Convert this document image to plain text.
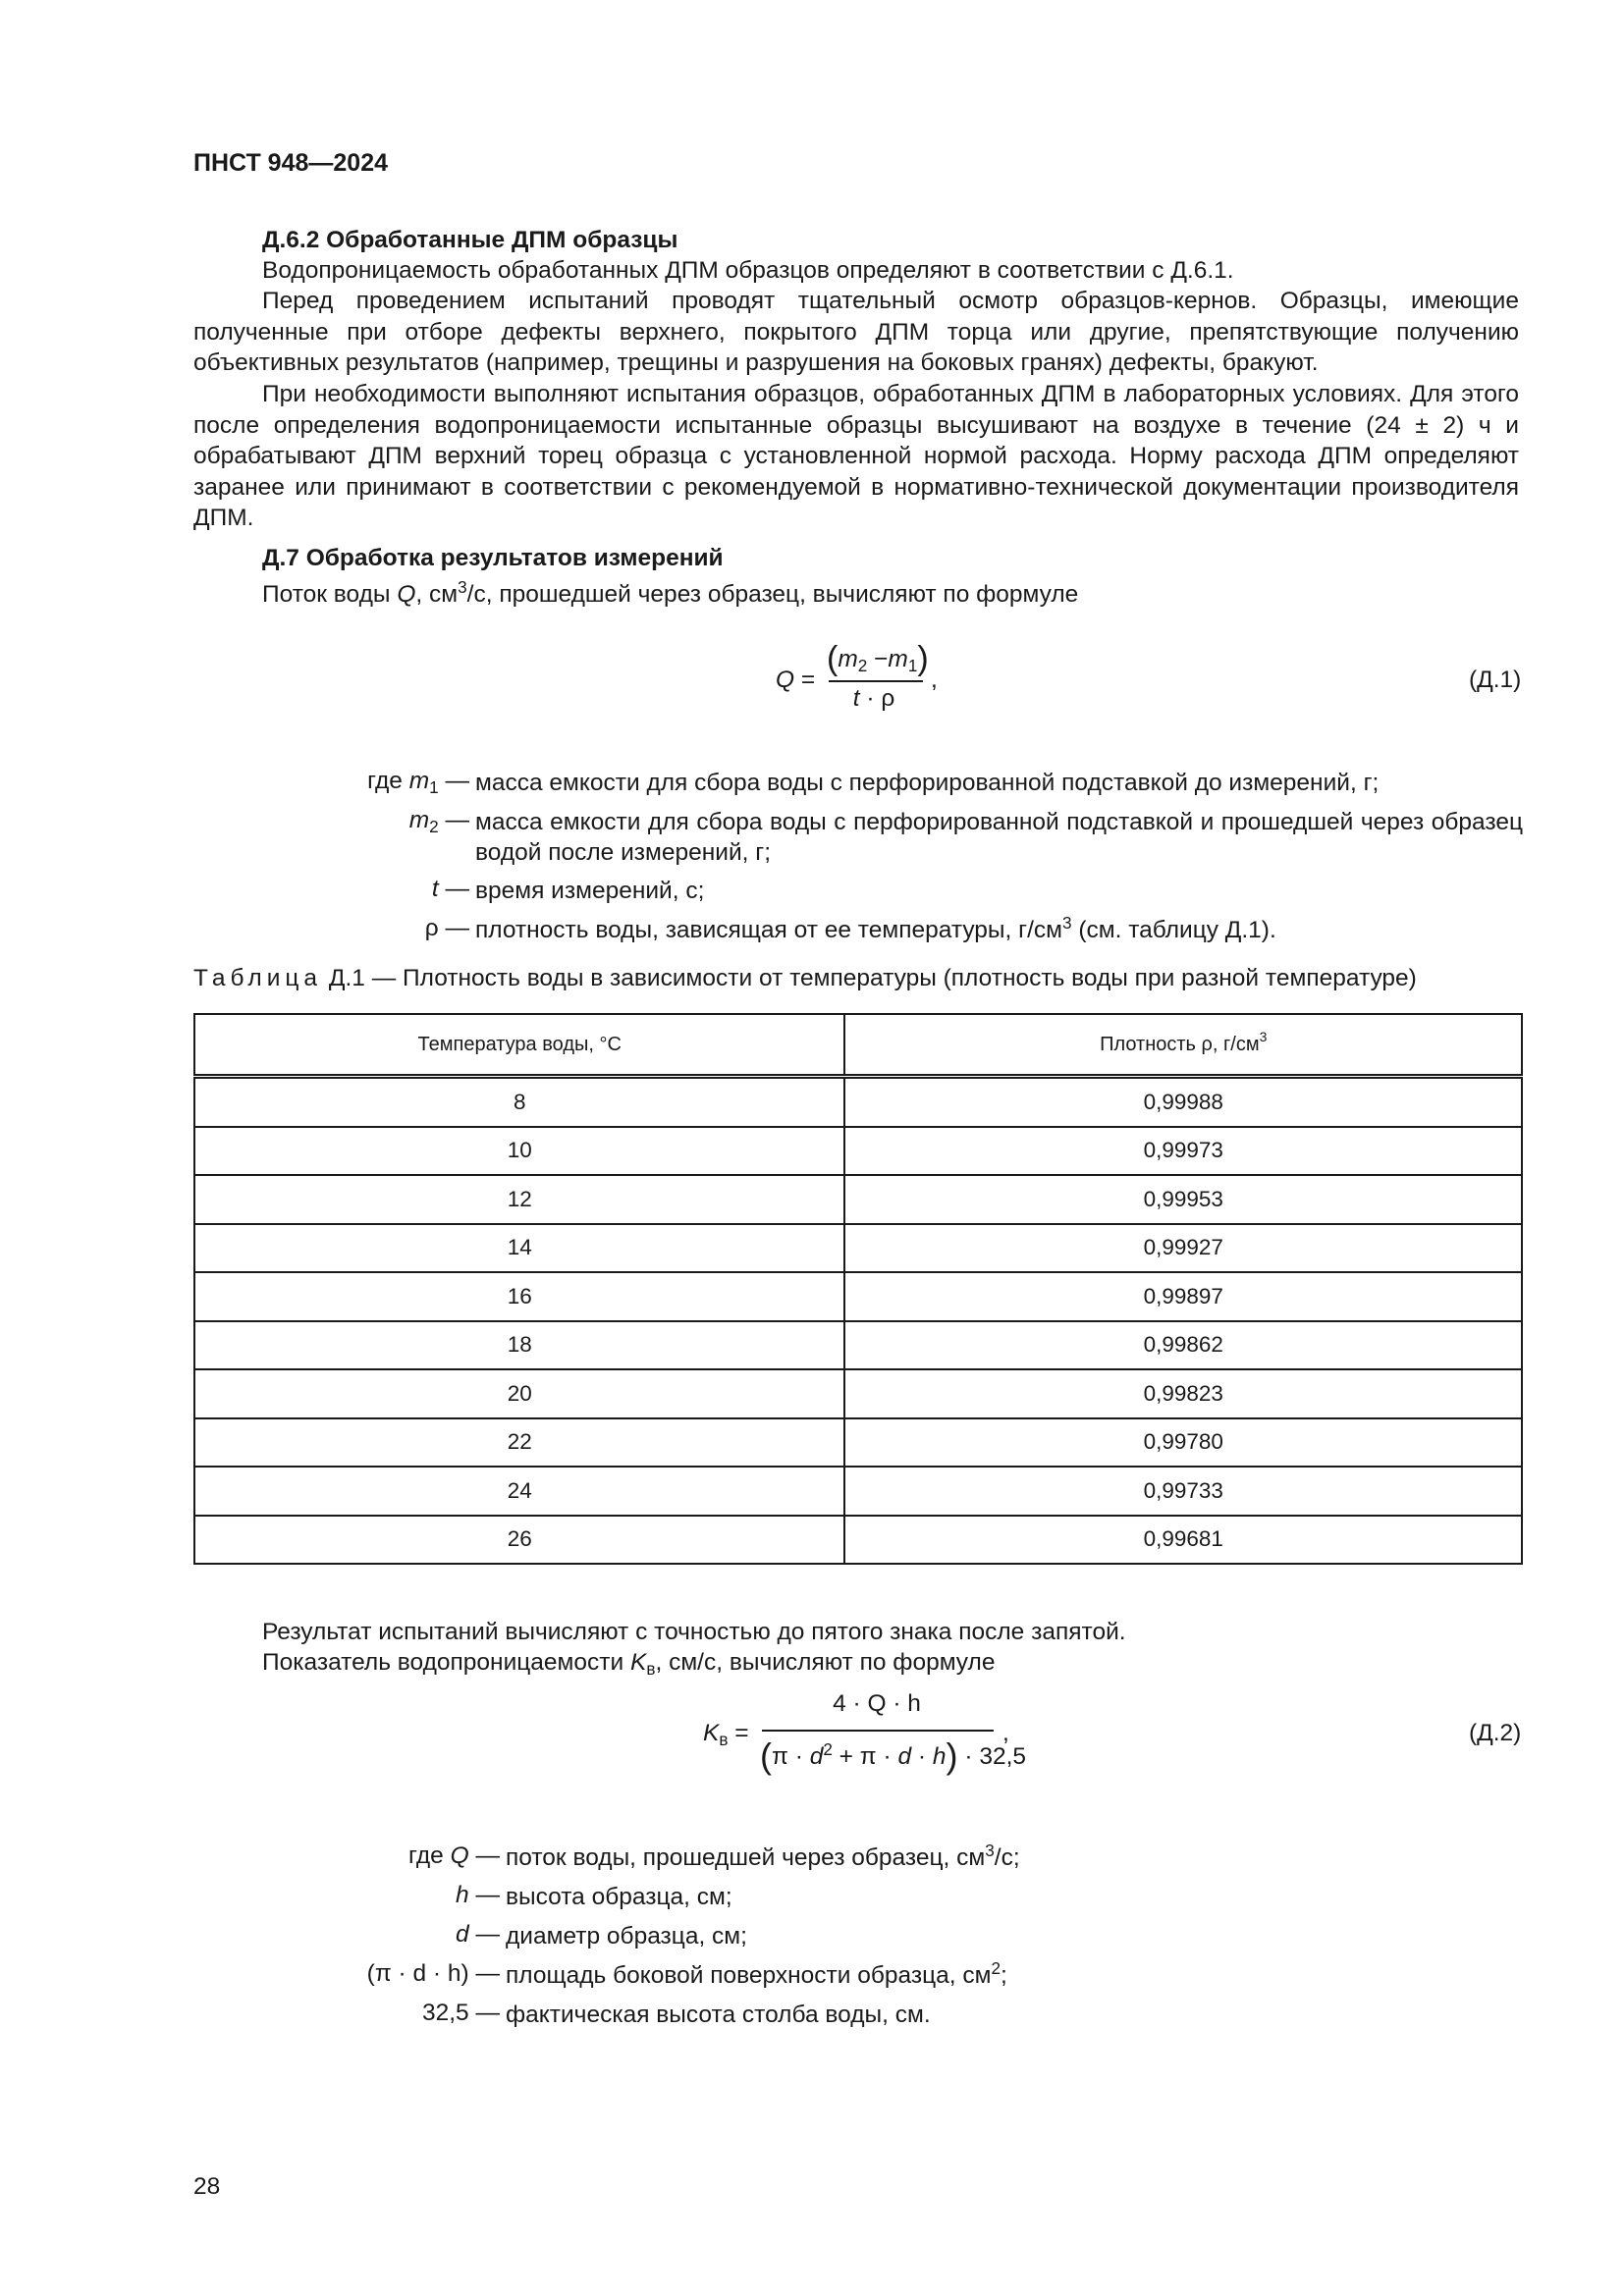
ПНСТ 948—2024
Д.6.2 Обработанные ДПМ образцы
Водопроницаемость обработанных ДПМ образцов определяют в соответствии с Д.6.1.
Перед проведением испытаний проводят тщательный осмотр образцов-кернов. Образцы, имеющие полученные при отборе дефекты верхнего, покрытого ДПМ торца или другие, препятствующие получению объективных результатов (например, трещины и разрушения на боковых гранях) дефекты, бракуют.
При необходимости выполняют испытания образцов, обработанных ДПМ в лабораторных условиях. Для этого после определения водопроницаемости испытанные образцы высушивают на воздухе в течение (24 ± 2) ч и обрабатывают ДПМ верхний торец образца с установленной нормой расхода. Норму расхода ДПМ определяют заранее или принимают в соответствии с рекомендуемой в нормативно-технической документации производителя ДПМ.
Д.7 Обработка результатов измерений
Поток воды Q, $см^3/с$, прошедшей через образец, вычисляют по формуле
Q =
$(m_2 -m_1)$
t · ρ
,	(Д.1)
где $m_1$ — масса емкости для сбора воды с перфорированной подставкой до измерений, г;
$m_2$ — масса емкости для сбора воды с перфорированной подставкой и прошедшей через образец водой после измерений, г;
t — время измерений, с;
ρ — плотность воды, зависящая от ее температуры, $г/см^3$ (см. таблицу Д.1).
Таблица Д.1 — Плотность воды в зависимости от температуры (плотность воды при разной температуре)
Температура воды, °С	Плотность ρ, $г/см^3$
8	0,99988
10	0,99973
12	0,99953
14	0,99927
16	0,99897
18	0,99862
20	0,99823
22	0,99780
24	0,99733
26	0,99681
Результат испытаний вычисляют с точностью до пятого знака после запятой.
Показатель водопроницаемости $K_в$, см/с, вычисляют по формуле
$K_в$ =
4 · Q · h
$(\pi \cdot d^2 + \pi \cdot d \cdot h) \cdot 32,5$
,	(Д.2)
где Q — поток воды, прошедшей через образец, $см^3/с$;
h — высота образца, см;
d — диаметр образца, см;
(π · d · h) — площадь боковой поверхности образца, $см^2$;
32,5 — фактическая высота столба воды, см.
28
